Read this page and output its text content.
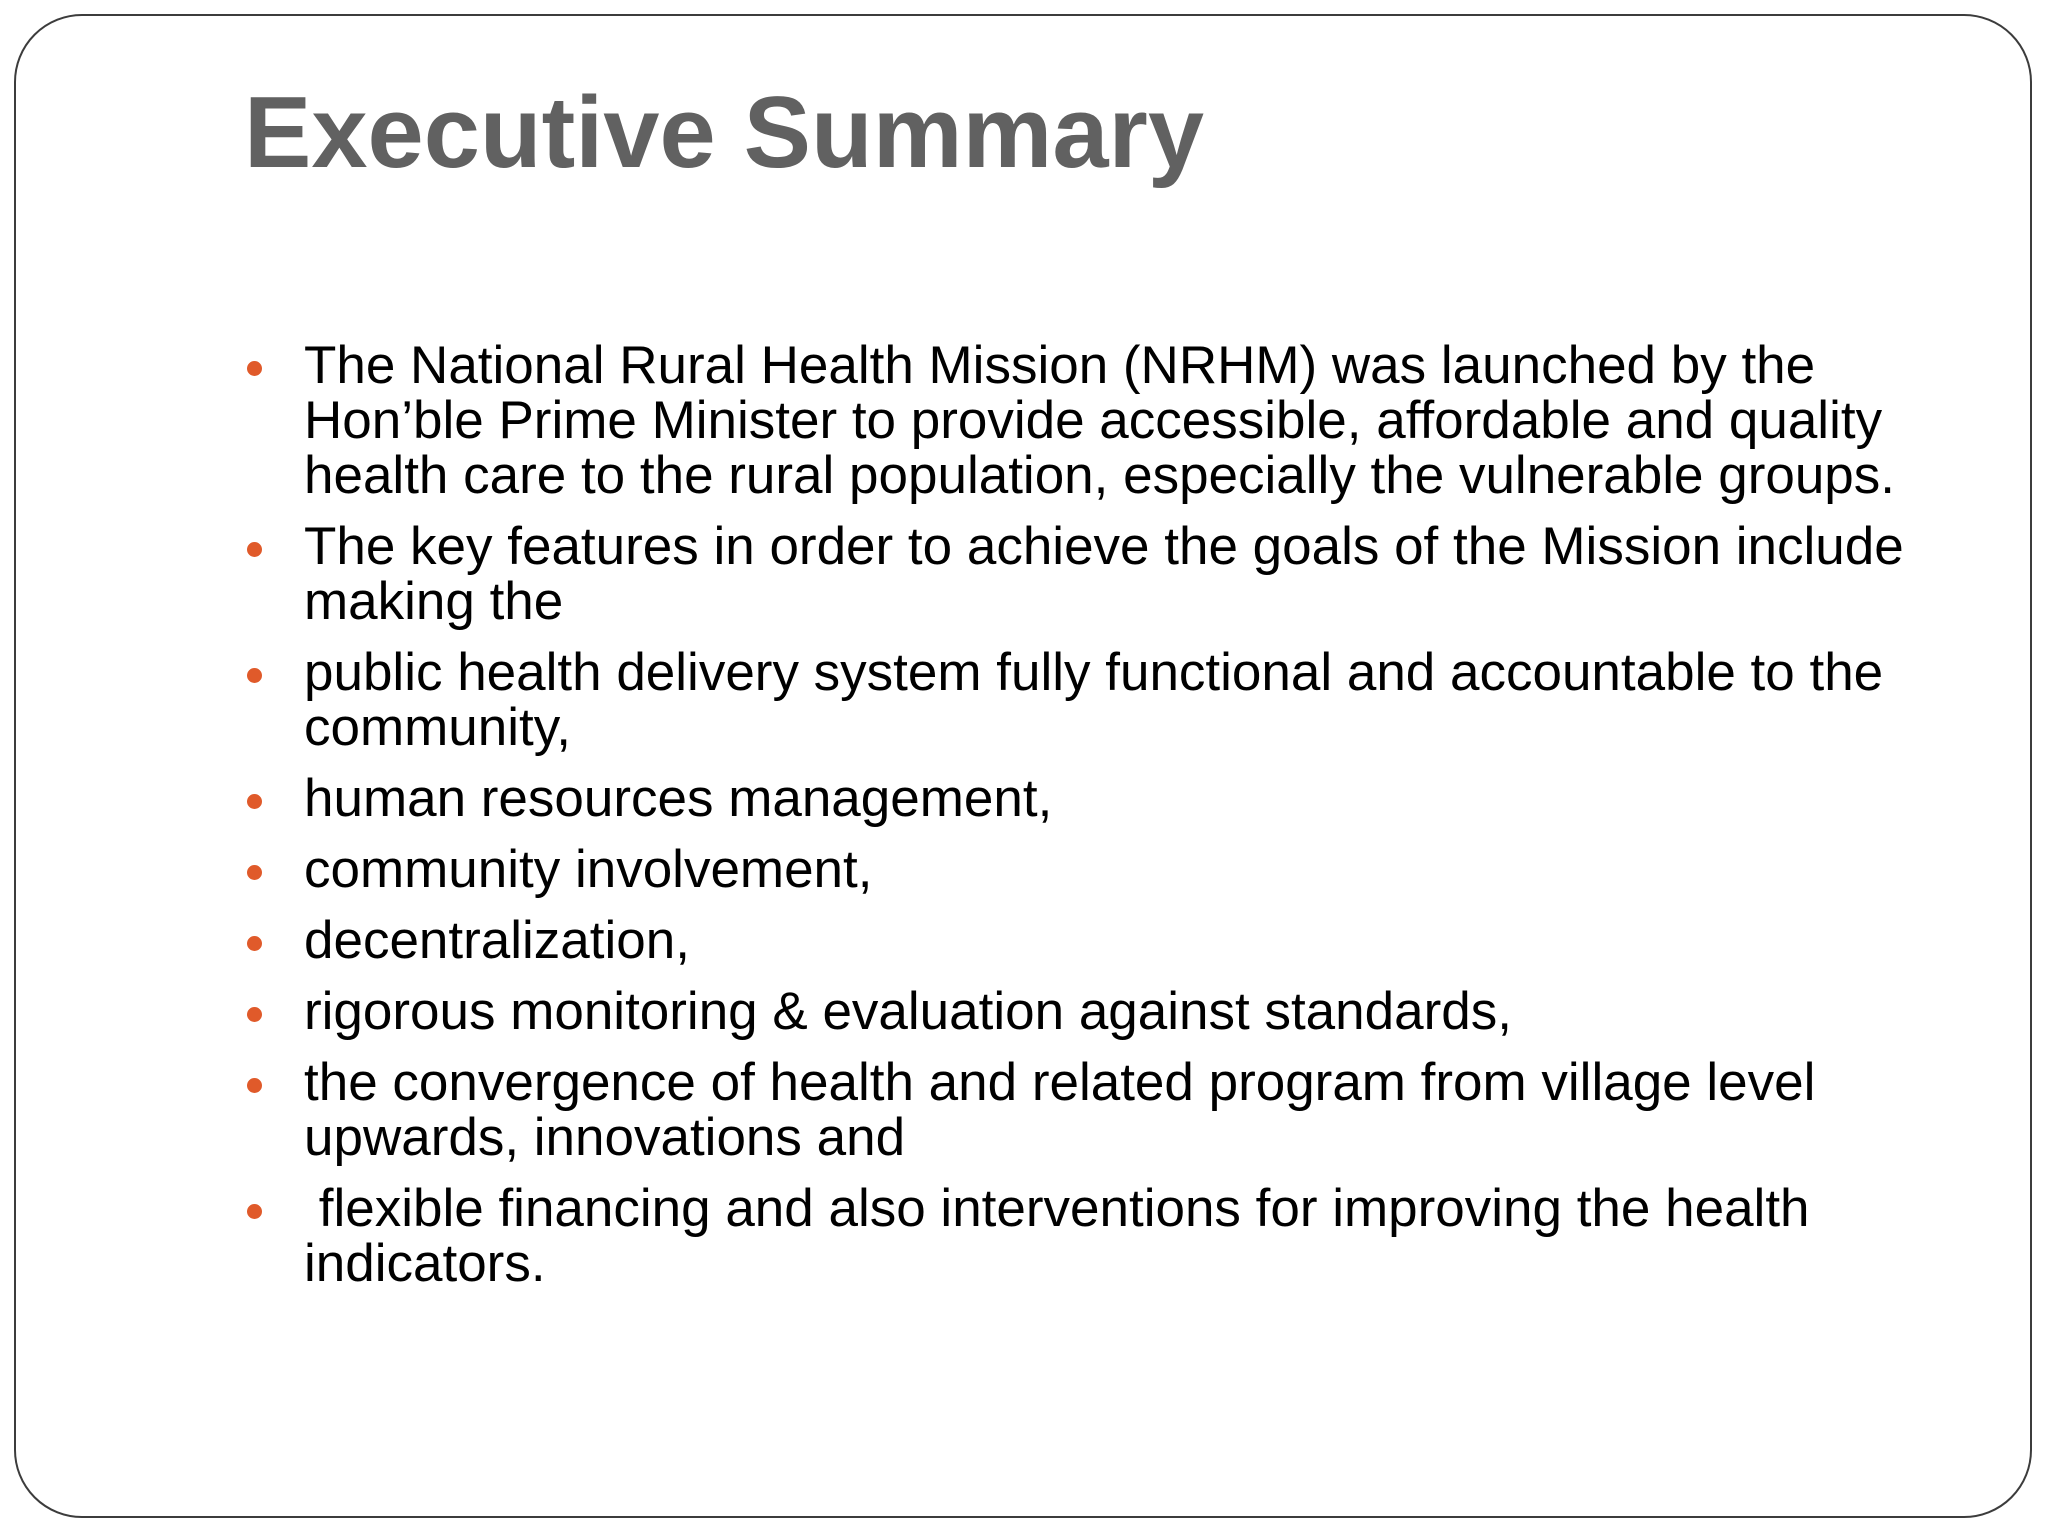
Executive Summary
The National Rural Health Mission (NRHM) was launched by the Hon’ble Prime Minister to provide accessible, affordable and quality health care to the rural population, especially the vulnerable groups.
The key features in order to achieve the goals of the Mission include making the
public health delivery system fully functional and accountable to the community,
human resources management,
community involvement,
decentralization,
rigorous monitoring & evaluation against standards,
the convergence of health and related program from village level upwards, innovations and
flexible financing and also interventions for improving the health indicators.
